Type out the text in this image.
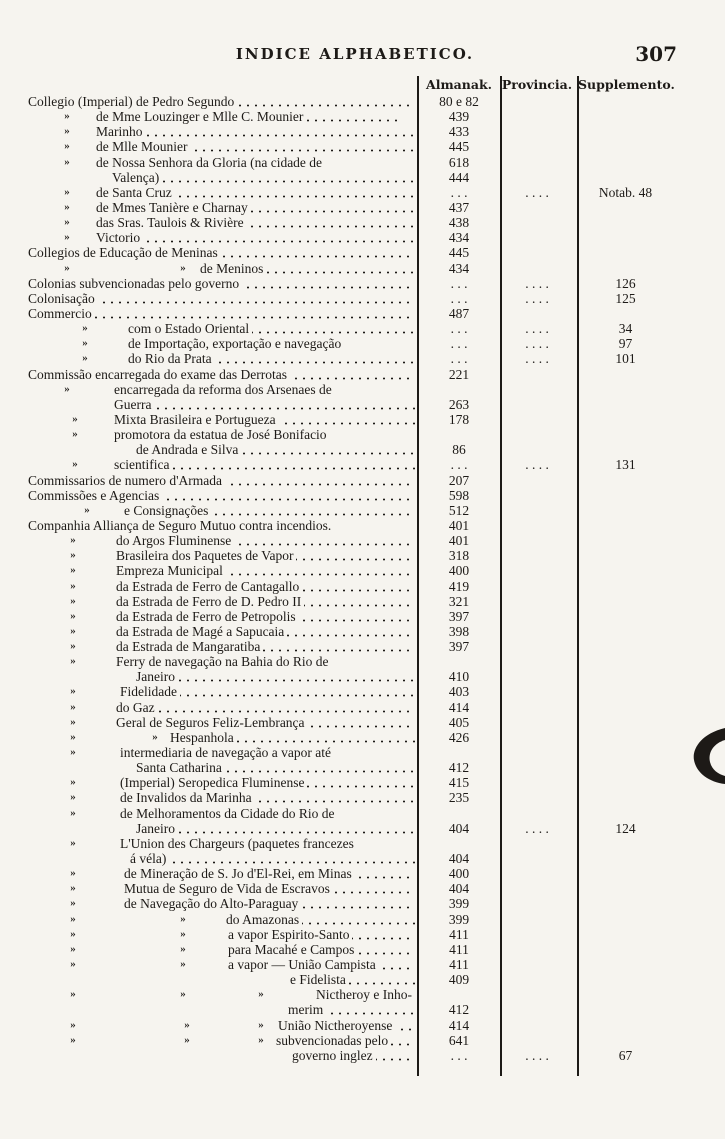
INDICE ALPHABETICO.	307
Almanak. Provincia. Supplemento.
Collegio (Imperial) de Pedro Segundo	80 e 82
»	de Mme Louzinger e Mlle C. Mounier	439
»	Marinho	433
»	de Mlle Mounier	445
»	de Nossa Senhora da Gloria (na cidade de	618
Valença)	444
»	de Santa Cruz	. . .	. . . .	Notab. 48
»	de Mmes Tanière e Charnay	437
»	das Sras. Taulois & Rivière	438
»	Victorio	434
Collegios de Educação de Meninas	445
»	»	de Meninos	434
Colonias subvencionadas pelo governo	. . .	. . . .	126
Colonisação	. . .	. . . .	125
Commercio	487
»	com o Estado Oriental	. . .	. . . .	34
»	de Importação, exportação e navegação	. . .	. . . .	97
»	do Rio da Prata	. . .	. . . .	101
Commissão encarregada do exame das Derrotas	221
»	encarregada da reforma dos Arsenaes de
Guerra	263
»	Mixta Brasileira e Portugueza	178
»	promotora da estatua de José Bonifacio
de Andrada e Silva	86
»	scientifica	. . .	. . . .	131
Commissarios de numero d'Armada	207
Commissões e Agencias	598
»	e Consignações	512
Companhia Alliança de Seguro Mutuo contra incendios.	401
»	do Argos Fluminense	401
»	Brasileira dos Paquetes de Vapor	318
»	Empreza Municipal	400
»	da Estrada de Ferro de Cantagallo	419
»	da Estrada de Ferro de D. Pedro II	321
»	da Estrada de Ferro de Petropolis	397
»	da Estrada de Magé a Sapucaia	398
»	da Estrada de Mangaratiba	397
»	Ferry de navegação na Bahia do Rio de
Janeiro	410
»	Fidelidade	403
»	do Gaz	414
»	Geral de Seguros Feliz-Lembrança	405
»	» Hespanhola	426
»	intermediaria de navegação a vapor até
Santa Catharina	412
»	(Imperial) Seropedica Fluminense	415
»	de Invalidos da Marinha	235
»	de Melhoramentos da Cidade do Rio de
Janeiro	404	. . . .	124
»	L'Union des Chargeurs (paquetes francezes
á véla)	404
»	de Mineração de S. Jo d'El-Rei, em Minas	400
»	Mutua de Seguro de Vida de Escravos	404
»	de Navegação do Alto-Paraguay	399
»	»	do Amazonas	399
»	»	a vapor Espirito-Santo	411
»	»	para Macahé e Campos	411
»	»	a vapor — União Campista	411
e Fidelista	409
»	»	»	Nictheroy e Inho-
merim	412
»	»	»	União Nictheroyense	414
»	»	» subvencionadas pelo	641
governo inglez	. . .	. . . .	67
